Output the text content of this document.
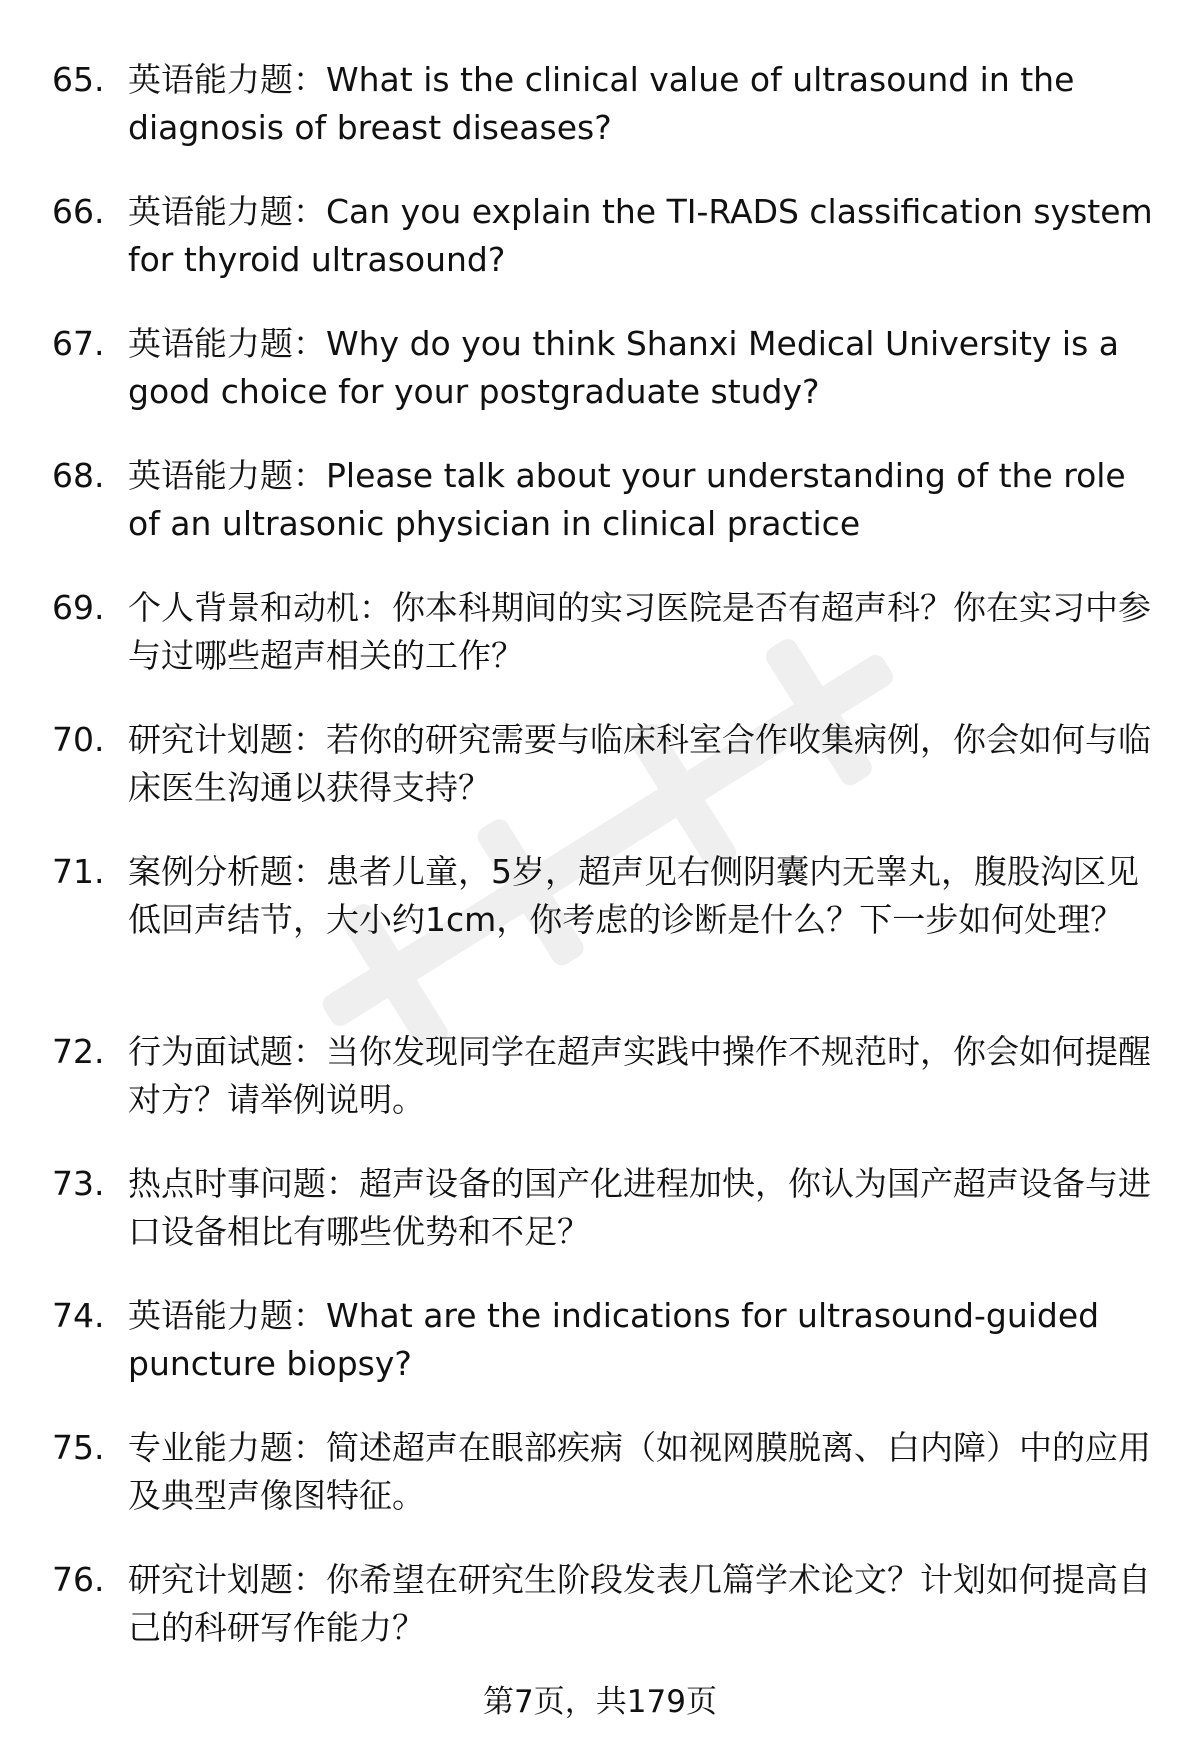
65. 英语能力题：What is the clinical value of ultrasound in the diagnosis of breast diseases?
66. 英语能力题：Can you explain the TI-RADS classification system for thyroid ultrasound?
67. 英语能力题：Why do you think Shanxi Medical University is a good choice for your postgraduate study?
68. 英语能力题：Please talk about your understanding of the role of an ultrasonic physician in clinical practice
69. 个人背景和动机：你本科期间的实习医院是否有超声科？你在实习中参与过哪些超声相关的工作？
70. 研究计划题：若你的研究需要与临床科室合作收集病例，你会如何与临床医生沟通以获得支持？
71. 案例分析题：患者儿童，5岁，超声见右侧阴囊内无睾丸，腹股沟区见低回声结节，大小约1cm，你考虑的诊断是什么？下一步如何处理？
72. 行为面试题：当你发现同学在超声实践中操作不规范时，你会如何提醒对方？请举例说明。
73. 热点时事问题：超声设备的国产化进程加快，你认为国产超声设备与进口设备相比有哪些优势和不足？
74. 英语能力题：What are the indications for ultrasound-guided puncture biopsy?
75. 专业能力题：简述超声在眼部疾病（如视网膜脱离、白内障）中的应用及典型声像图特征。
76. 研究计划题：你希望在研究生阶段发表几篇学术论文？计划如何提高自己的科研写作能力？
第7页，共179页
